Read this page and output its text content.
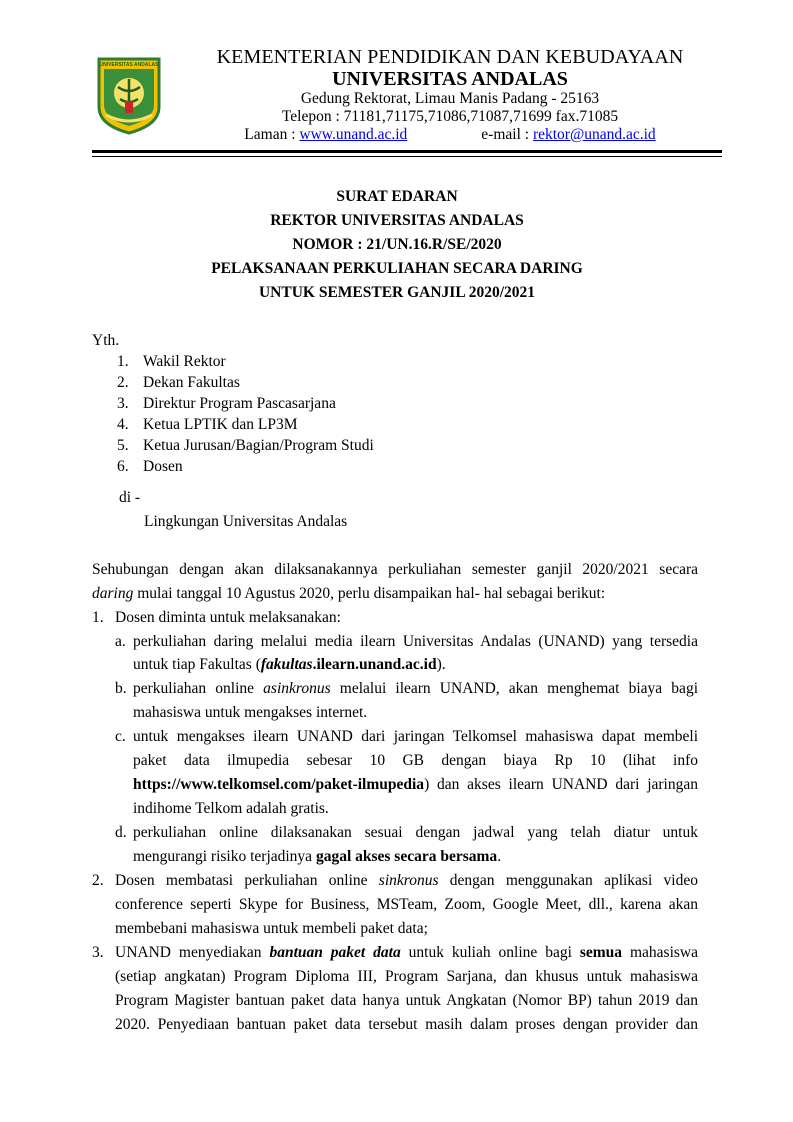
UNIVERSITAS ANDALAS	KEMENTERIAN PENDIDIKAN DAN KEBUDAYAAN
UNIVERSITAS ANDALAS
Gedung Rektorat, Limau Manis Padang - 25163
Telepon : 71181,71175,71086,71087,71699 fax.71085
Laman : www.unand.ac.id	e-mail : rektor@unand.ac.id
SURAT EDARAN
REKTOR UNIVERSITAS ANDALAS
NOMOR : 21/UN.16.R/SE/2020
PELAKSANAAN PERKULIAHAN SECARA DARING
UNTUK SEMESTER GANJIL 2020/2021
Yth.
1. Wakil Rektor
2. Dekan Fakultas
3. Direktur Program Pascasarjana
4. Ketua LPTIK dan LP3M
5. Ketua Jurusan/Bagian/Program Studi
6. Dosen
di -
Lingkungan Universitas Andalas
Sehubungan dengan akan dilaksanakannya perkuliahan semester ganjil 2020/2021 secara
daring mulai tanggal 10 Agustus 2020, perlu disampaikan hal- hal sebagai berikut:
1. Dosen diminta untuk melaksanakan:
a. perkuliahan daring melalui media ilearn Universitas Andalas (UNAND) yang tersedia
untuk tiap Fakultas (fakultas.ilearn.unand.ac.id).
b. perkuliahan online asinkronus melalui ilearn UNAND, akan menghemat biaya bagi
mahasiswa untuk mengakses internet.
c. untuk mengakses ilearn UNAND dari jaringan Telkomsel mahasiswa dapat membeli
paket data ilmupedia sebesar 10 GB dengan biaya Rp 10 (lihat info
https://www.telkomsel.com/paket-ilmupedia) dan akses ilearn UNAND dari jaringan
indihome Telkom adalah gratis.
d. perkuliahan online dilaksanakan sesuai dengan jadwal yang telah diatur untuk
mengurangi risiko terjadinya gagal akses secara bersama.
2. Dosen membatasi perkuliahan online sinkronus dengan menggunakan aplikasi video
conference seperti Skype for Business, MSTeam, Zoom, Google Meet, dll., karena akan
membebani mahasiswa untuk membeli paket data;
3. UNAND menyediakan bantuan paket data untuk kuliah online bagi semua mahasiswa
(setiap angkatan) Program Diploma III, Program Sarjana, dan khusus untuk mahasiswa
Program Magister bantuan paket data hanya untuk Angkatan (Nomor BP) tahun 2019 dan
2020. Penyediaan bantuan paket data tersebut masih dalam proses dengan provider dan
